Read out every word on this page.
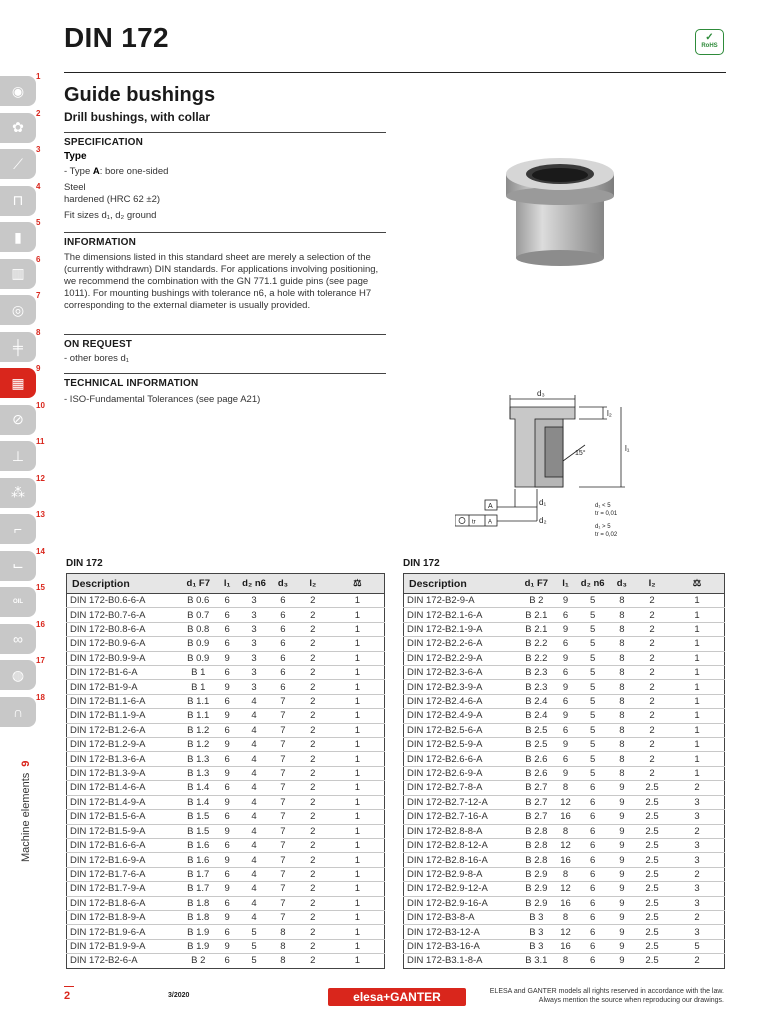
DIN 172	✓
RoHS
◉
1
✿
2
⟋
3
⊓
4
▮
5
▥
6
◎
7
╪
8
▦
9
⊘
10
⊥
11
⁂
12
⌐
13
⌙
14
OIL
15
∞
16
◍
17
∩
18
Machine elements9
Guide bushings
Drill bushings, with collar
SPECIFICATION
Type
- Type A: bore one-sided
Steel
hardened (HRC 62 ±2)
Fit sizes d₁, d₂ ground
INFORMATION
The dimensions listed in this standard sheet are merely a selection of the (currently withdrawn) DIN standards. For applications involving positioning, we recommend the combination with the GN 771.1 guide pins (see page 1011). For mounting bushings with tolerance n6, a hole with tolerance H7 corresponding to the external diameter is usually provided.
ON REQUEST
- other bores d₁
TECHNICAL INFORMATION
- ISO-Fundamental Tolerances (see page A21)
d₃
l₂
l₁
15°
d₁
d₂
A
tr A
d₁ < 5
tr = 0,01
d₁ > 5
tr = 0,02
DIN 172	DIN 172
Description	d₁ F7	l₁	d₂ n6	d₃	l₂	⚖
DIN 172-B0.6-6-A	B 0.6	6	3	6	2	1
DIN 172-B0.7-6-A	B 0.7	6	3	6	2	1
DIN 172-B0.8-6-A	B 0.8	6	3	6	2	1
DIN 172-B0.9-6-A	B 0.9	6	3	6	2	1
DIN 172-B0.9-9-A	B 0.9	9	3	6	2	1
DIN 172-B1-6-A	B 1	6	3	6	2	1
DIN 172-B1-9-A	B 1	9	3	6	2	1
DIN 172-B1.1-6-A	B 1.1	6	4	7	2	1
DIN 172-B1.1-9-A	B 1.1	9	4	7	2	1
DIN 172-B1.2-6-A	B 1.2	6	4	7	2	1
DIN 172-B1.2-9-A	B 1.2	9	4	7	2	1
DIN 172-B1.3-6-A	B 1.3	6	4	7	2	1
DIN 172-B1.3-9-A	B 1.3	9	4	7	2	1
DIN 172-B1.4-6-A	B 1.4	6	4	7	2	1
DIN 172-B1.4-9-A	B 1.4	9	4	7	2	1
DIN 172-B1.5-6-A	B 1.5	6	4	7	2	1
DIN 172-B1.5-9-A	B 1.5	9	4	7	2	1
DIN 172-B1.6-6-A	B 1.6	6	4	7	2	1
DIN 172-B1.6-9-A	B 1.6	9	4	7	2	1
DIN 172-B1.7-6-A	B 1.7	6	4	7	2	1
DIN 172-B1.7-9-A	B 1.7	9	4	7	2	1
DIN 172-B1.8-6-A	B 1.8	6	4	7	2	1
DIN 172-B1.8-9-A	B 1.8	9	4	7	2	1
DIN 172-B1.9-6-A	B 1.9	6	5	8	2	1
DIN 172-B1.9-9-A	B 1.9	9	5	8	2	1
DIN 172-B2-6-A	B 2	6	5	8	2	1
Description	d₁ F7	l₁	d₂ n6	d₃	l₂	⚖
DIN 172-B2-9-A	B 2	9	5	8	2	1
DIN 172-B2.1-6-A	B 2.1	6	5	8	2	1
DIN 172-B2.1-9-A	B 2.1	9	5	8	2	1
DIN 172-B2.2-6-A	B 2.2	6	5	8	2	1
DIN 172-B2.2-9-A	B 2.2	9	5	8	2	1
DIN 172-B2.3-6-A	B 2.3	6	5	8	2	1
DIN 172-B2.3-9-A	B 2.3	9	5	8	2	1
DIN 172-B2.4-6-A	B 2.4	6	5	8	2	1
DIN 172-B2.4-9-A	B 2.4	9	5	8	2	1
DIN 172-B2.5-6-A	B 2.5	6	5	8	2	1
DIN 172-B2.5-9-A	B 2.5	9	5	8	2	1
DIN 172-B2.6-6-A	B 2.6	6	5	8	2	1
DIN 172-B2.6-9-A	B 2.6	9	5	8	2	1
DIN 172-B2.7-8-A	B 2.7	8	6	9	2.5	2
DIN 172-B2.7-12-A	B 2.7	12	6	9	2.5	3
DIN 172-B2.7-16-A	B 2.7	16	6	9	2.5	3
DIN 172-B2.8-8-A	B 2.8	8	6	9	2.5	2
DIN 172-B2.8-12-A	B 2.8	12	6	9	2.5	3
DIN 172-B2.8-16-A	B 2.8	16	6	9	2.5	3
DIN 172-B2.9-8-A	B 2.9	8	6	9	2.5	2
DIN 172-B2.9-12-A	B 2.9	12	6	9	2.5	3
DIN 172-B2.9-16-A	B 2.9	16	6	9	2.5	3
DIN 172-B3-8-A	B 3	8	6	9	2.5	2
DIN 172-B3-12-A	B 3	12	6	9	2.5	3
DIN 172-B3-16-A	B 3	16	6	9	2.5	5
DIN 172-B3.1-8-A	B 3.1	8	6	9	2.5	2
2	3/2020	elesa+GANTER	ELESA and GANTER models all rights reserved in accordance with the law.
Always mention the source when reproducing our drawings.
